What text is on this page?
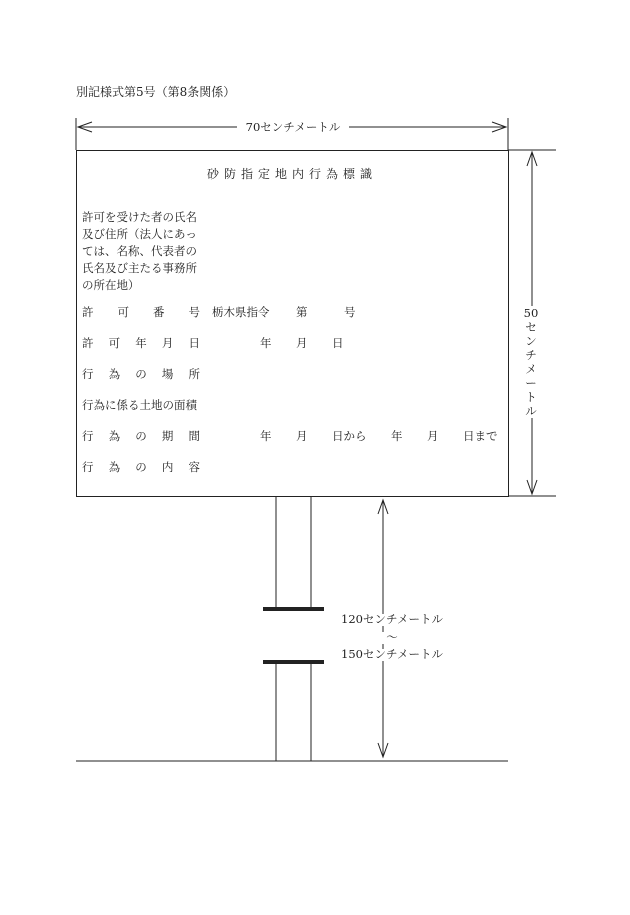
別記様式第5号（第8条関係）
70センチメートル
砂防指定地内行為標識
許可を受けた者の氏名
及び住所（法人にあっ
ては、名称、代表者の
氏名及び主たる事務所
の所在地）
許 可 番 号 栃木県指令 第	号
許 可 年 月 日	年 月 日
行 為 の 場 所
行為に係る土地の面積
行 為 の 期 間	年 月 日から 年 月 日まで
行 為 の 内 容
50
セ
ン
チ
メ
ー
ト
ル
120センチメートル
～
150センチメートル
